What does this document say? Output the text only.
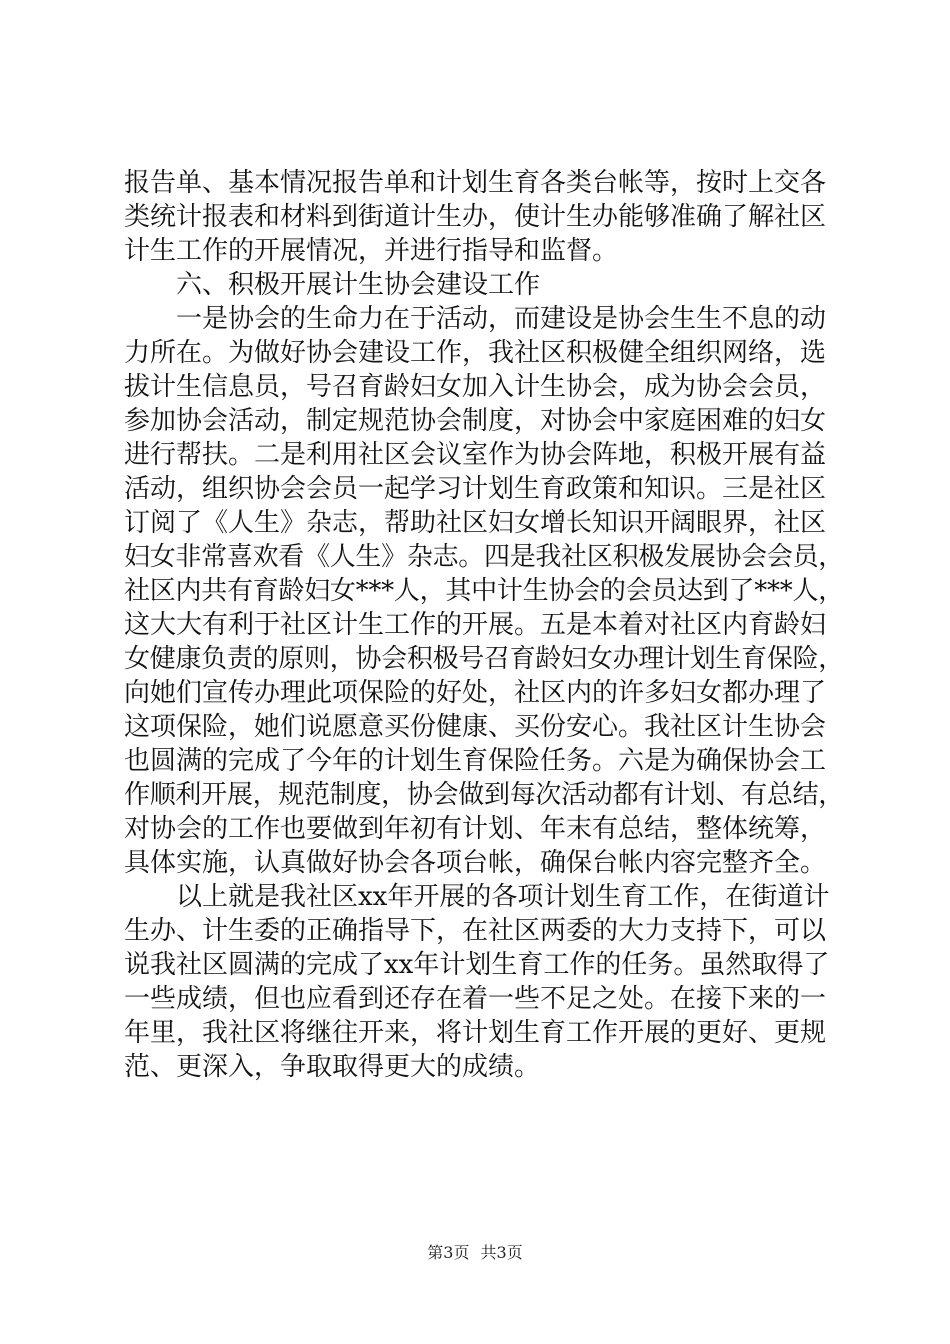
报告单、基本情况报告单和计划生育各类台帐等，按时上交各
类统计报表和材料到街道计生办，使计生办能够准确了解社区
计生工作的开展情况，并进行指导和监督。
六、积极开展计生协会建设工作
一是协会的生命力在于活动，而建设是协会生生不息的动
力所在。为做好协会建设工作，我社区积极健全组织网络，选
拔计生信息员，号召育龄妇女加入计生协会，成为协会会员，
参加协会活动，制定规范协会制度，对协会中家庭困难的妇女
进行帮扶。二是利用社区会议室作为协会阵地，积极开展有益
活动，组织协会会员一起学习计划生育政策和知识。三是社区
订阅了《人生》杂志，帮助社区妇女增长知识开阔眼界，社区
妇女非常喜欢看《人生》杂志。四是我社区积极发展协会会员，
社区内共有育龄妇女***人，其中计生协会的会员达到了***人，
这大大有利于社区计生工作的开展。五是本着对社区内育龄妇
女健康负责的原则，协会积极号召育龄妇女办理计划生育保险，
向她们宣传办理此项保险的好处，社区内的许多妇女都办理了
这项保险，她们说愿意买份健康、买份安心。我社区计生协会
也圆满的完成了今年的计划生育保险任务。六是为确保协会工
作顺利开展，规范制度，协会做到每次活动都有计划、有总结，
对协会的工作也要做到年初有计划、年末有总结，整体统筹，
具体实施，认真做好协会各项台帐，确保台帐内容完整齐全。
以上就是我社区xx年开展的各项计划生育工作，在街道计
生办、计生委的正确指导下，在社区两委的大力支持下，可以
说我社区圆满的完成了xx年计划生育工作的任务。虽然取得了
一些成绩，但也应看到还存在着一些不足之处。在接下来的一
年里，我社区将继往开来，将计划生育工作开展的更好、更规
范、更深入，争取取得更大的成绩。
第3页 共3页
